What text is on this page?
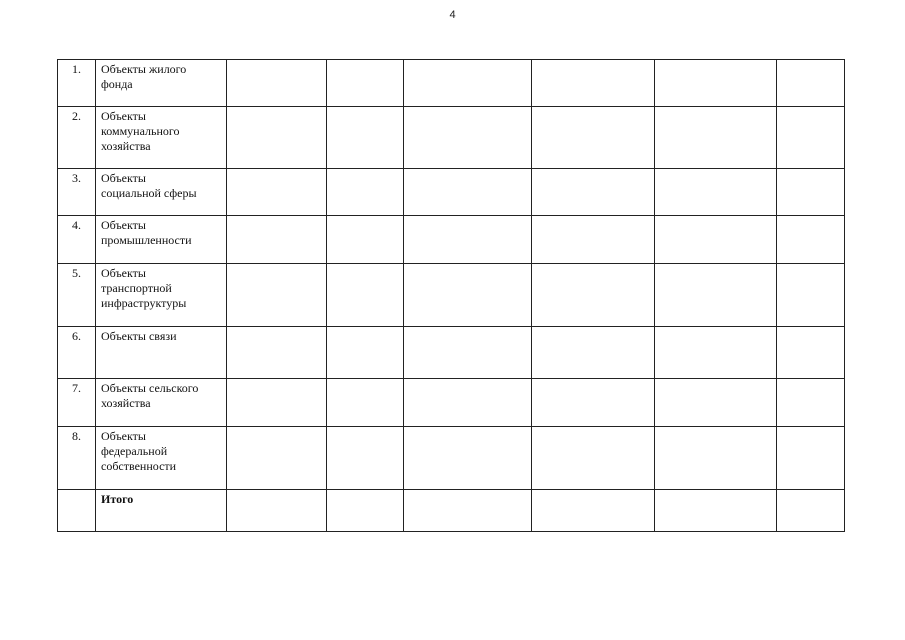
4
1.	Объекты жилого
фонда						
2.	Объекты
коммунального
хозяйства						
3.	Объекты
социальной сферы						
4.	Объекты
промышленности						
5.	Объекты
транспортной
инфраструктуры						
6.	Объекты связи						
7.	Объекты сельского
хозяйства						
8.	Объекты
федеральной
собственности						
	Итого						
